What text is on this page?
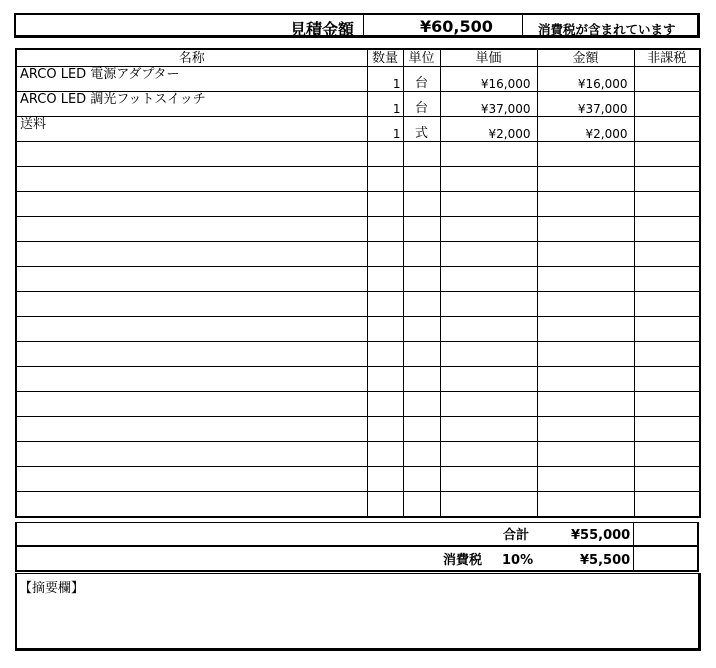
見積金額	¥60,500	消費税が含まれています
名称	数量	単位	単価	金額	非課税
ARCO LED 電源アダプター	1	台	¥16,000	¥16,000	
ARCO LED 調光フットスイッチ	1	台	¥37,000	¥37,000	
送料	1	式	¥2,000	¥2,000	

合計	¥55,000
消費税 10%	¥5,500
【摘要欄】
